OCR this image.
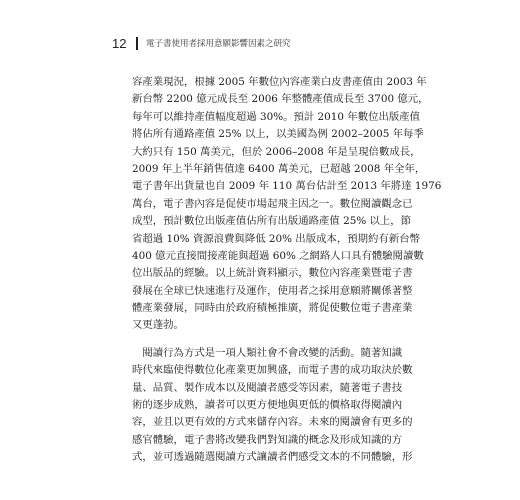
12	電子書使用者採用意願影響因素之研究
容產業現況，根據 2005 年數位內容產業白皮書產值由 2003 年
新台幣 2200 億元成長至 2006 年整體產值成長至 3700 億元，
每年可以維持產值幅度超過 30%。預計 2010 年數位出版產值
將佔所有通路產值 25% 以上，以美國為例 2002–2005 年每季
大約只有 150 萬美元，但於 2006–2008 年是呈現倍數成長，
2009 年上半年銷售值達 6400 萬美元，已超越 2008 年全年，
電子書年出貨量也自 2009 年 110 萬台估計至 2013 年將達 1976
萬台，電子書內容是促使市場起飛主因之一。數位閱讀觀念已
成型，預計數位出版產值佔所有出版通路產值 25% 以上，節
省超過 10% 資源浪費與降低 20% 出版成本，預期約有新台幣
400 億元直接間接產能與超過 60% 之網路人口具有體驗閱讀數
位出版品的經驗。以上統計資料顯示，數位內容產業暨電子書
發展在全球已快速進行及運作，使用者之採用意願將關係著整
體產業發展，同時由於政府積極推廣，將促使數位電子書產業
又更蓬勃。
　閱讀行為方式是一項人類社會不會改變的活動。隨著知識
時代來臨使得數位化產業更加興盛，而電子書的成功取決於數
量、品質、製作成本以及閱讀者感受等因素，隨著電子書技
術的逐步成熟，讀者可以更方便地與更低的價格取得閱讀內
容，並且以更有效的方式來儲存內容。未來的閱讀會有更多的
感官體驗，電子書將改變我們對知識的概念及形成知識的方
式，並可透過隨選閱讀方式讓讀者們感受文本的不同體驗，形
